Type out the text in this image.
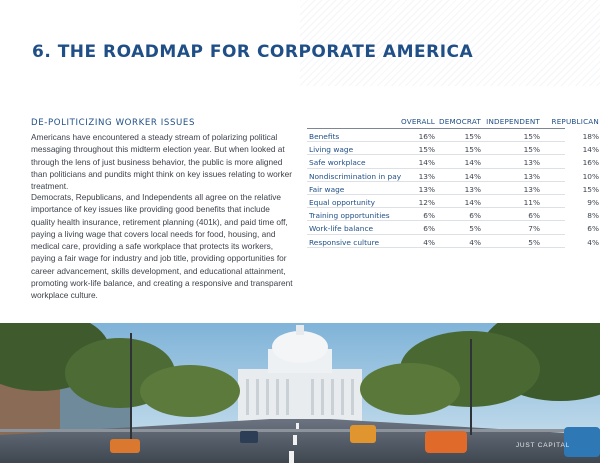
6. THE ROADMAP FOR CORPORATE AMERICA
DE-POLITICIZING WORKER ISSUES

Americans have encountered a steady stream of polarizing political messaging throughout this midterm election year. But when looked at through the lens of just business behavior, the public is more aligned than politicians and pundits might think on key issues relating to worker treatment.

Democrats, Republicans, and Independents all agree on the relative importance of key issues like providing good benefits that include quality health insurance, retirement planning (401k), and paid time off, paying a living wage that covers local needs for food, housing, and medical care, providing a safe workplace that protects its workers, paying a fair wage for industry and job title, providing opportunities for career advancement, skills development, and educational attainment, promoting work-life balance, and creating a responsive and transparent workplace culture.

OVERALL DEMOCRAT INDEPENDENT	REPUBLICAN
Benefits	16%	15%	15%	18%
Living wage	15%	15%	15%	14%
Safe workplace	14%	14%	13%	16%
Nondiscrimination in pay	13%	14%	13%	10%
Fair wage	13%	13%	13%	15%
Equal opportunity	12%	14%	11%	9%
Training opportunities	6%	6%	6%	8%
Work-life balance	6%	5%	7%	6%
Responsive culture	4%	4%	5%	4%
JUST CAPITAL
